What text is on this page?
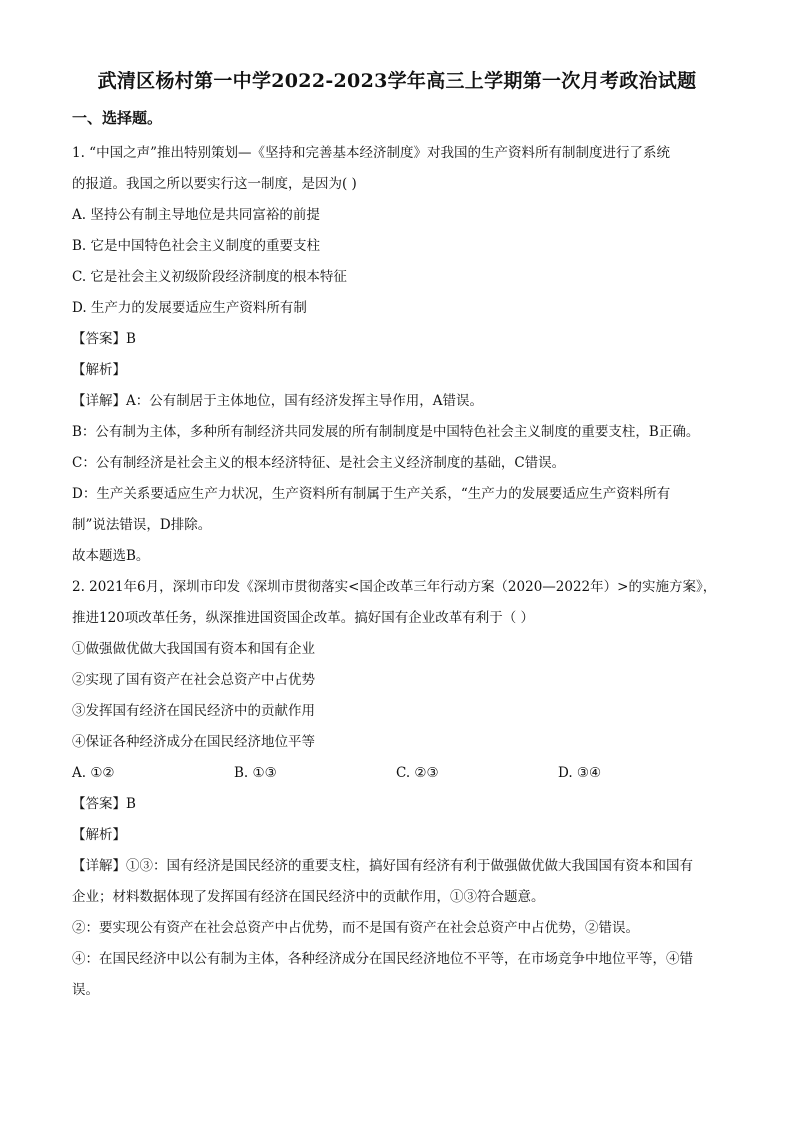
武清区杨村第一中学2022-2023学年高三上学期第一次月考政治试题
一、选择题。
1. “中国之声”推出特别策划—《坚持和完善基本经济制度》对我国的生产资料所有制制度进行了系统
的报道。我国之所以要实行这一制度，是因为( )
A. 坚持公有制主导地位是共同富裕的前提
B. 它是中国特色社会主义制度的重要支柱
C. 它是社会主义初级阶段经济制度的根本特征
D. 生产力的发展要适应生产资料所有制
【答案】B
【解析】
【详解】A：公有制居于主体地位，国有经济发挥主导作用，A错误。
B：公有制为主体，多种所有制经济共同发展的所有制制度是中国特色社会主义制度的重要支柱，B正确。
C：公有制经济是社会主义的根本经济特征、是社会主义经济制度的基础，C错误。
D：生产关系要适应生产力状况，生产资料所有制属于生产关系，“生产力的发展要适应生产资料所有
制”说法错误，D排除。
故本题选B。
2. 2021年6月，深圳市印发《深圳市贯彻落实<国企改革三年行动方案（2020—2022年）>的实施方案》，
推进120项改革任务，纵深推进国资国企改革。搞好国有企业改革有利于（ ）
①做强做优做大我国国有资本和国有企业
②实现了国有资产在社会总资产中占优势
③发挥国有经济在国民经济中的贡献作用
④保证各种经济成分在国民经济地位平等
A. ①②	B. ①③	C. ②③	D. ③④
【答案】B
【解析】
【详解】①③：国有经济是国民经济的重要支柱，搞好国有经济有利于做强做优做大我国国有资本和国有
企业；材料数据体现了发挥国有经济在国民经济中的贡献作用，①③符合题意。
②：要实现公有资产在社会总资产中占优势，而不是国有资产在社会总资产中占优势，②错误。
④：在国民经济中以公有制为主体，各种经济成分在国民经济地位不平等，在市场竞争中地位平等，④错
误。
